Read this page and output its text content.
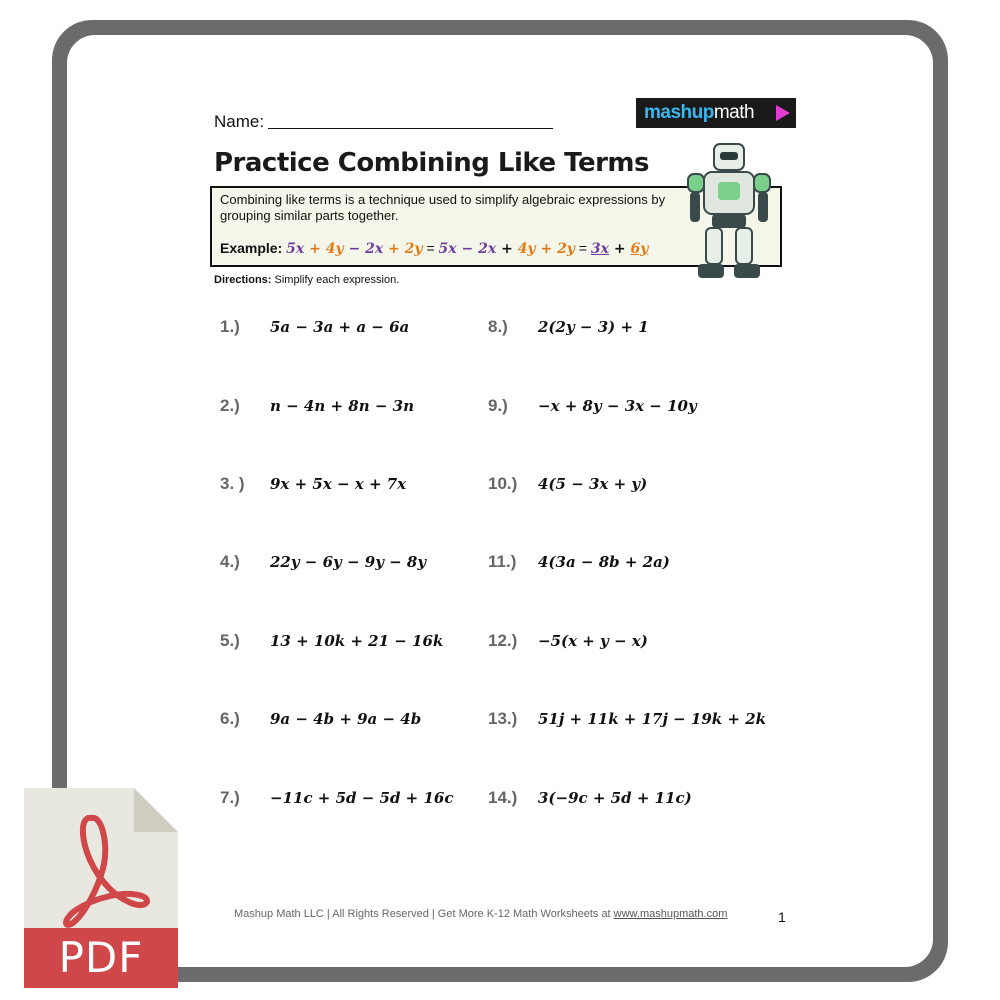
Name:	mashupmath
Practice Combining Like Terms
Combining like terms is a technique used to simplify algebraic expressions by grouping similar parts together.
Example: 5x + 4y − 2x + 2y = 5x − 2x + 4y + 2y = 3x + 6y
Directions: Simplify each expression.
1.) 5a − 3a + a − 6a
2.) n − 4n + 8n − 3n
3. ) 9x + 5x − x + 7x
4.) 22y − 6y − 9y − 8y
5.) 13 + 10k + 21 − 16k
6.) 9a − 4b + 9a − 4b
7.) −11c + 5d − 5d + 16c
8.) 2(2y − 3) + 1
9.) −x + 8y − 3x − 10y
10.) 4(5 − 3x + y)
11.) 4(3a − 8b + 2a)
12.) −5(x + y − x)
13.) 51j + 11k + 17j − 19k + 2k
14.) 3(−9c + 5d + 11c)
Mashup Math LLC | All Rights Reserved | Get More K-12 Math Worksheets at www.mashupmath.com	1
PDF
